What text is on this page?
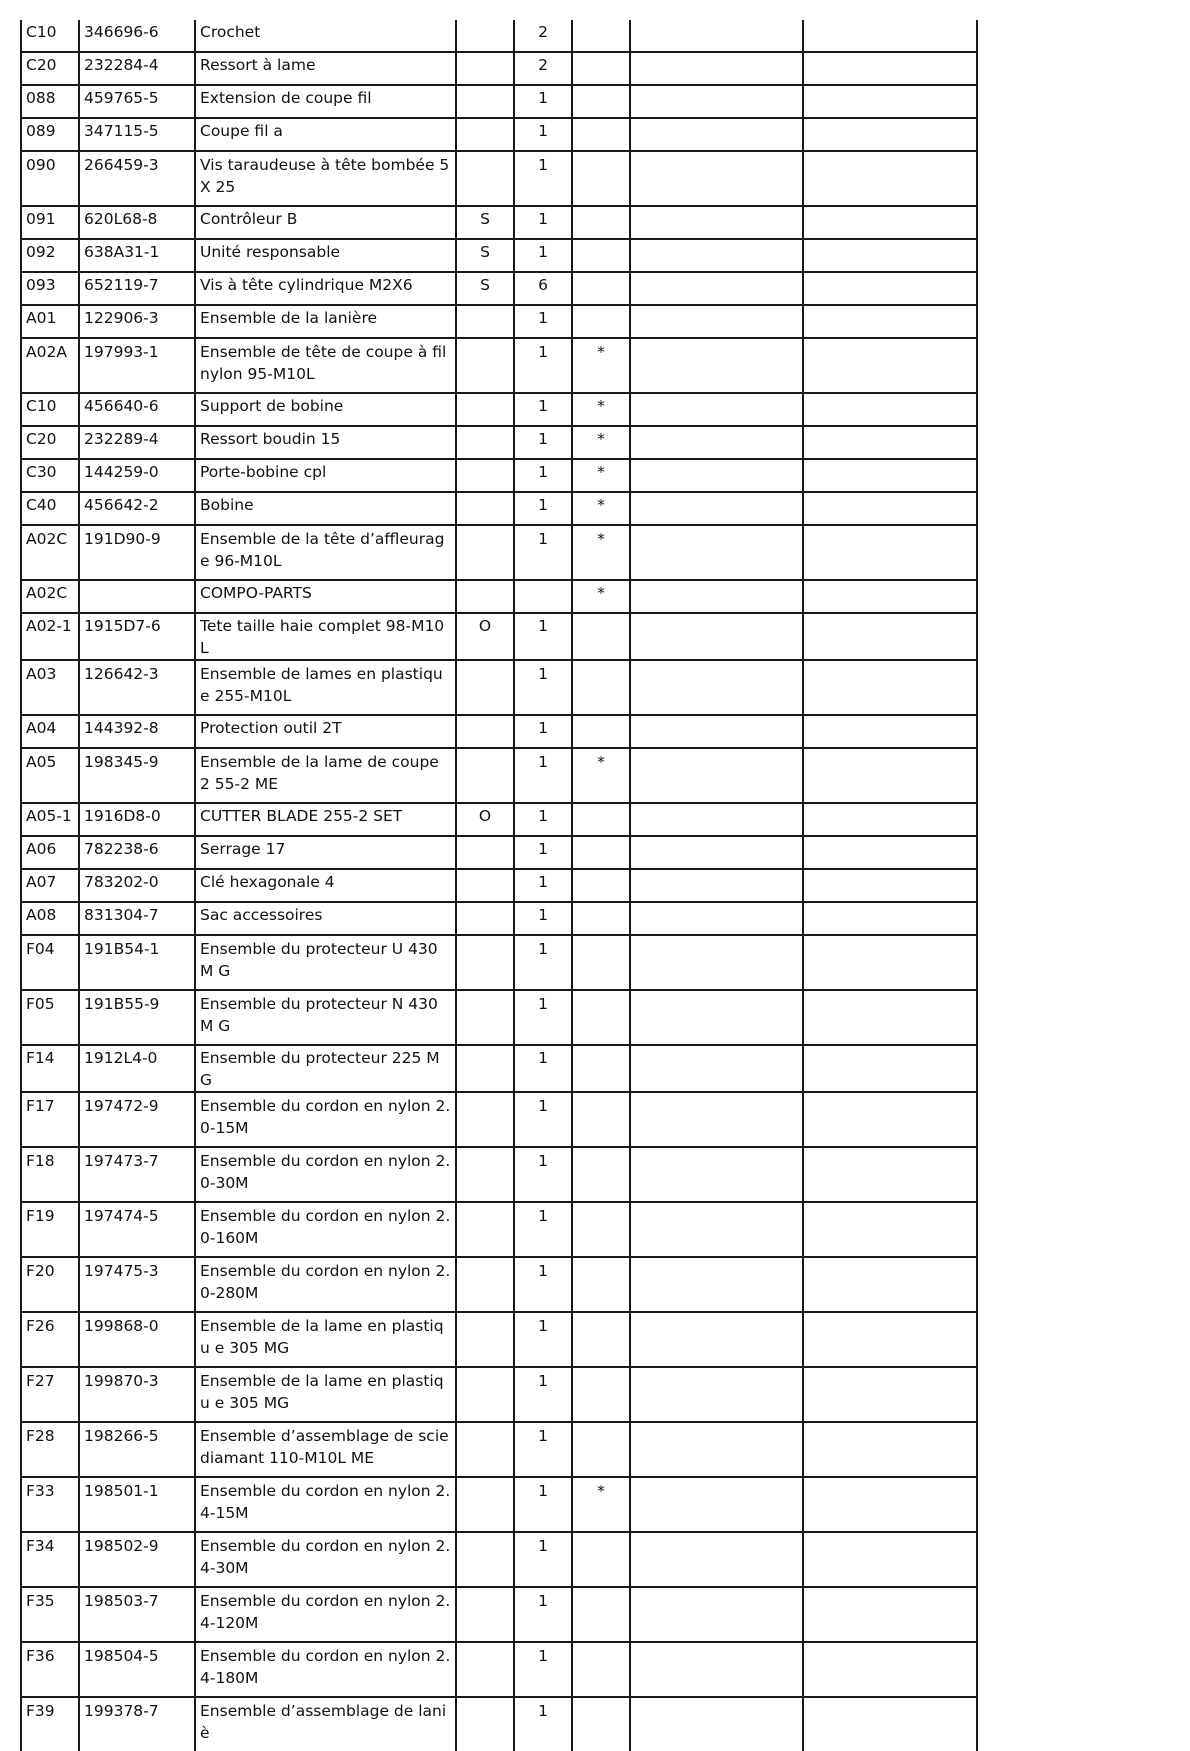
C10	346696-6	Crochet		2			
C20	232284-4	Ressort à lame		2			
088	459765-5	Extension de coupe fil		1			
089	347115-5	Coupe fil a		1			
090	266459-3	Vis taraudeuse à tête bombée 5X 25		1			
091	620L68-8	Contrôleur B	S	1			
092	638A31-1	Unité responsable	S	1			
093	652119-7	Vis à tête cylindrique M2X6	S	6			
A01	122906-3	Ensemble de la lanière		1			
A02A	197993-1	Ensemble de tête de coupe à fil nylon 95-M10L		1	*		
C10	456640-6	Support de bobine		1	*		
C20	232289-4	Ressort boudin 15		1	*		
C30	144259-0	Porte-bobine cpl		1	*		
C40	456642-2	Bobine		1	*		
A02C	191D90-9	Ensemble de la tête d’affleurage 96-M10L		1	*		
A02C		COMPO-PARTS			*		
A02-1	1915D7-6	Tete taille haie complet 98-M10L	O	1			
A03	126642-3	Ensemble de lames en plastique 255-M10L		1			
A04	144392-8	Protection outil 2T		1			
A05	198345-9	Ensemble de la lame de coupe 2 55-2 ME		1	*		
A05-1	1916D8-0	CUTTER BLADE 255-2 SET	O	1			
A06	782238-6	Serrage 17		1			
A07	783202-0	Clé hexagonale 4		1			
A08	831304-7	Sac accessoires		1			
F04	191B54-1	Ensemble du protecteur U 430 M G		1			
F05	191B55-9	Ensemble du protecteur N 430 M G		1			
F14	1912L4-0	Ensemble du protecteur 225 MG		1			
F17	197472-9	Ensemble du cordon en nylon 2. 0-15M		1			
F18	197473-7	Ensemble du cordon en nylon 2. 0-30M		1			
F19	197474-5	Ensemble du cordon en nylon 2. 0-160M		1			
F20	197475-3	Ensemble du cordon en nylon 2. 0-280M		1			
F26	199868-0	Ensemble de la lame en plastiqu e 305 MG		1			
F27	199870-3	Ensemble de la lame en plastiqu e 305 MG		1			
F28	198266-5	Ensemble d’assemblage de scie diamant 110-M10L ME		1			
F33	198501-1	Ensemble du cordon en nylon 2. 4-15M		1	*		
F34	198502-9	Ensemble du cordon en nylon 2. 4-30M		1			
F35	198503-7	Ensemble du cordon en nylon 2. 4-120M		1			
F36	198504-5	Ensemble du cordon en nylon 2. 4-180M		1			
F39	199378-7	Ensemble d’assemblage de laniè		1			
